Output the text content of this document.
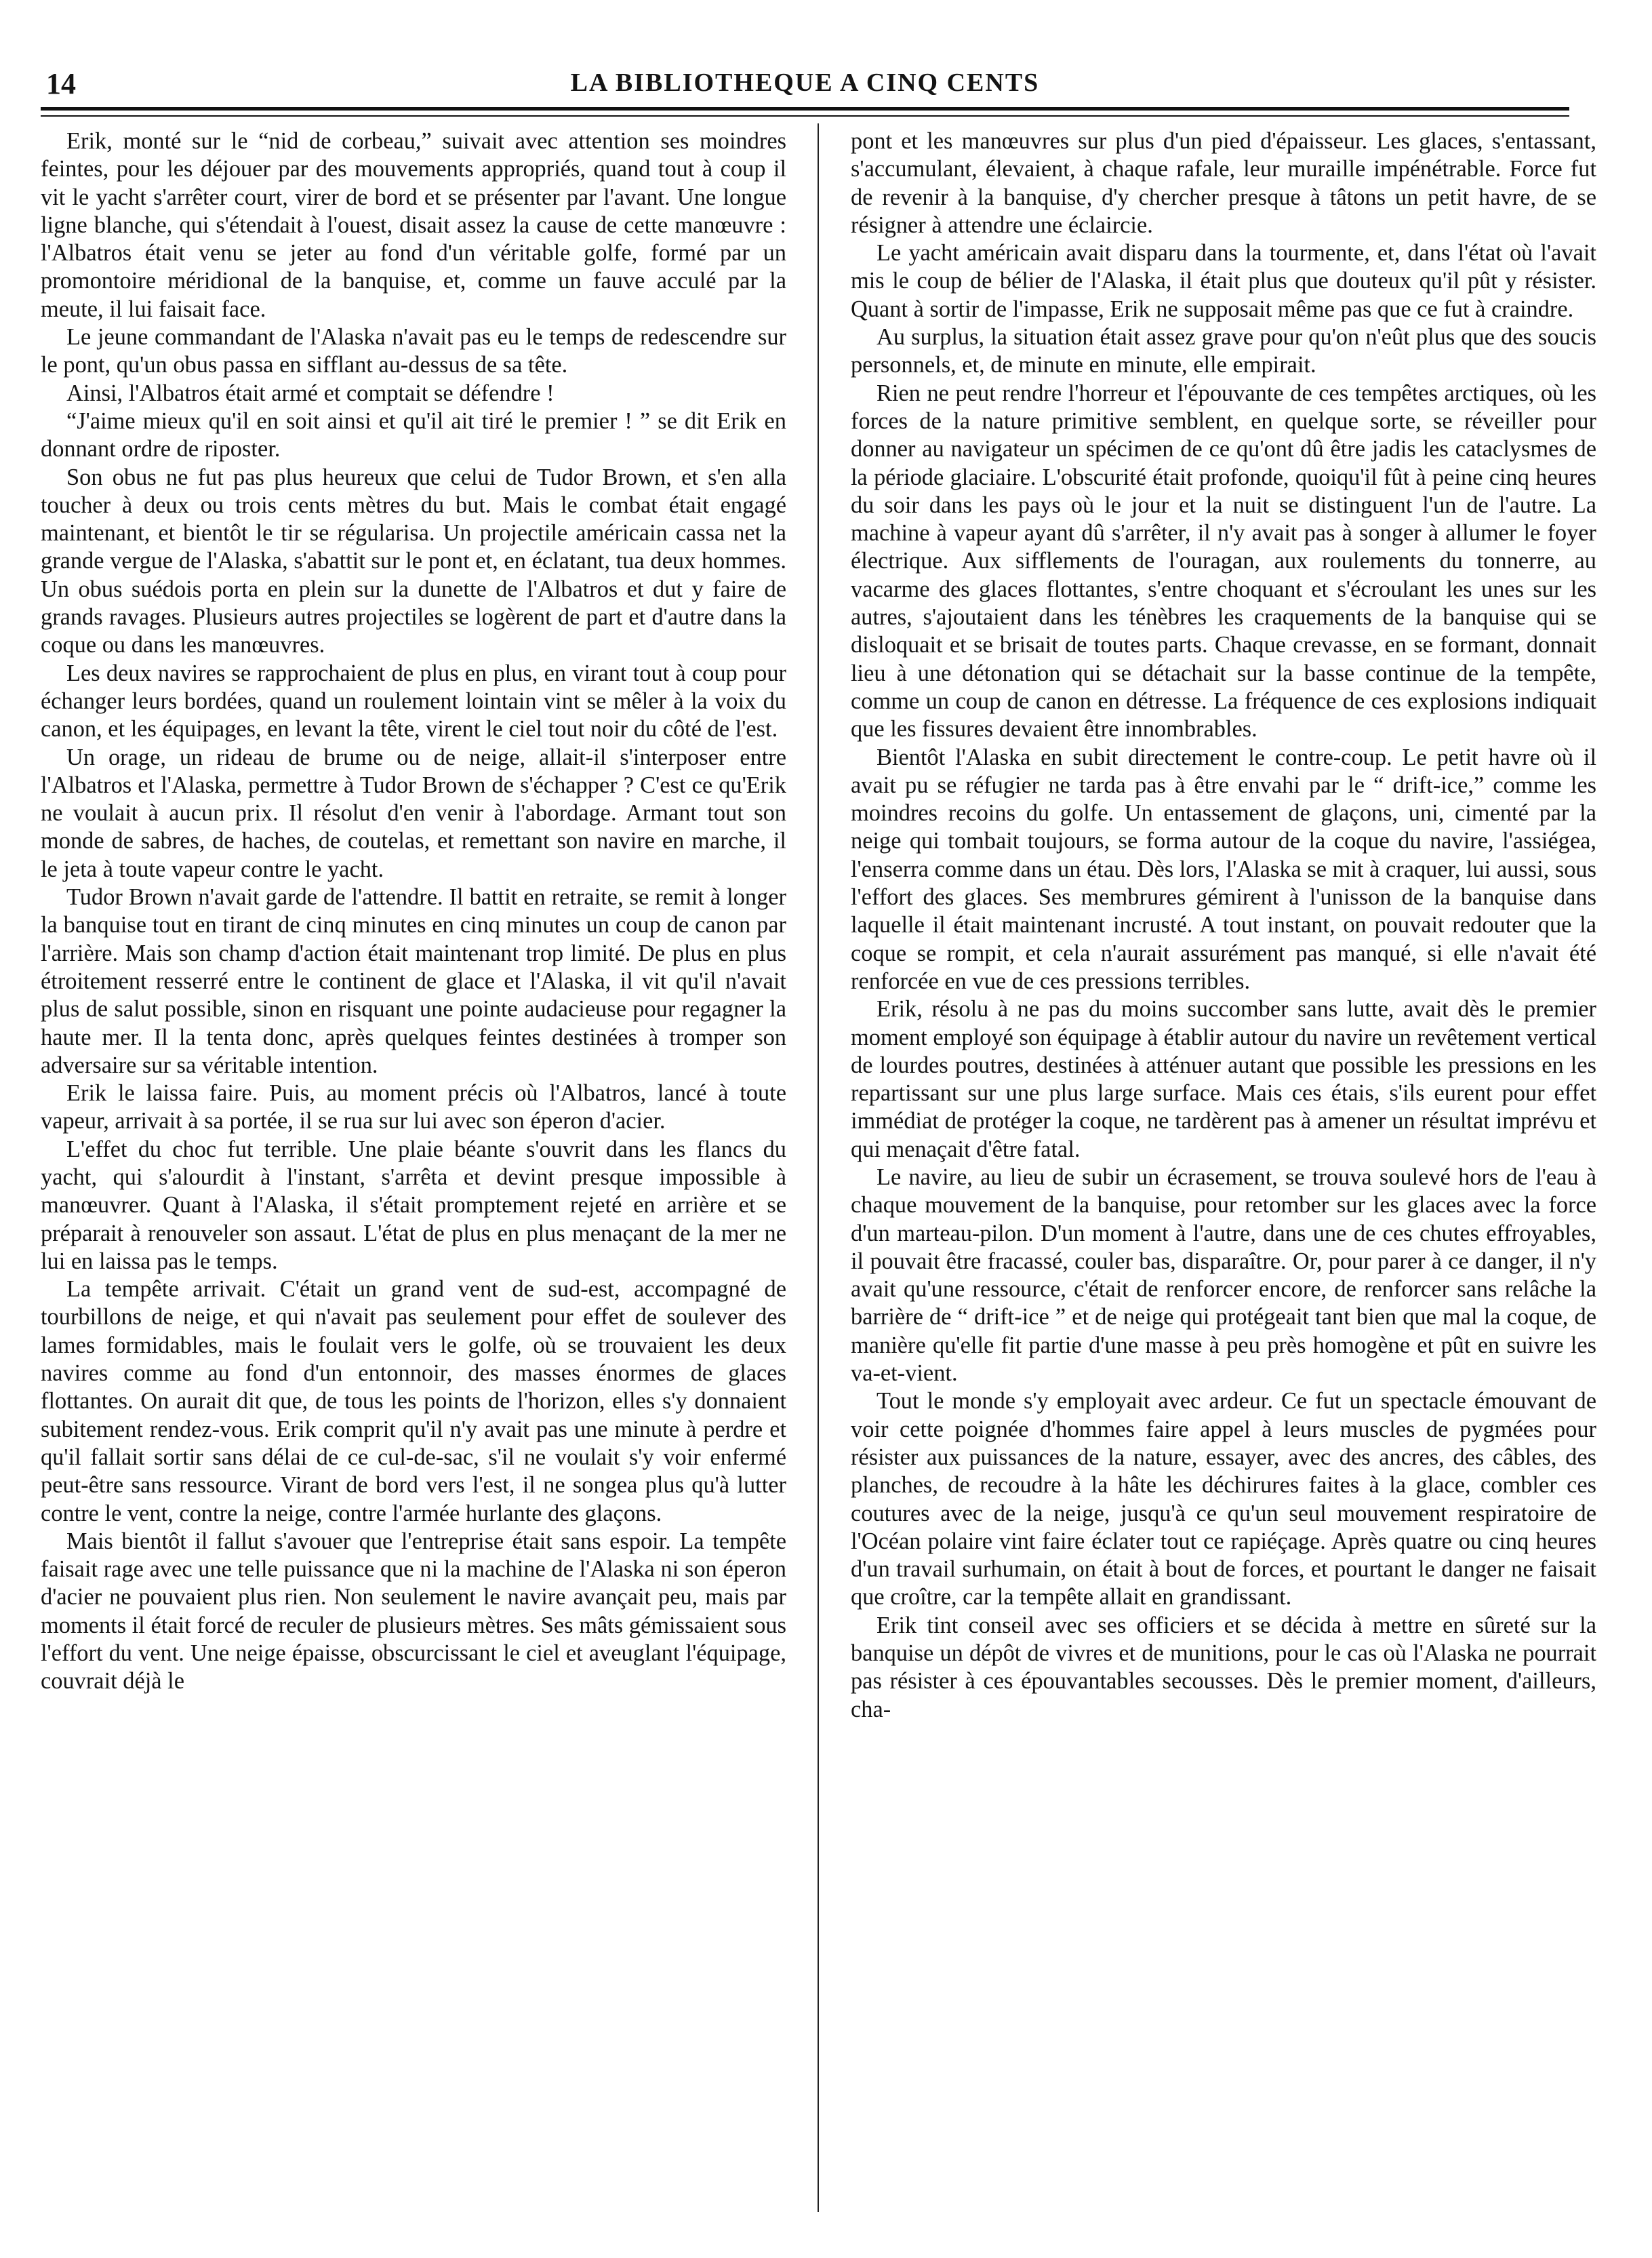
14	LA BIBLIOTHEQUE A CINQ CENTS

Erik, monté sur le “nid de corbeau,” suivait avec attention ses moindres feintes, pour les déjouer par des mouvements appropriés, quand tout à coup il vit le yacht s'arrêter court, virer de bord et se présenter par l'avant. Une longue ligne blanche, qui s'étendait à l'ouest, disait assez la cause de cette manœuvre : l'Albatros était venu se jeter au fond d'un véritable golfe, formé par un promontoire méridional de la banquise, et, comme un fauve acculé par la meute, il lui faisait face.

Le jeune commandant de l'Alaska n'avait pas eu le temps de redescendre sur le pont, qu'un obus passa en sifflant au-dessus de sa tête.

Ainsi, l'Albatros était armé et comptait se défendre !

“J'aime mieux qu'il en soit ainsi et qu'il ait tiré le premier ! ” se dit Erik en donnant ordre de riposter.

Son obus ne fut pas plus heureux que celui de Tudor Brown, et s'en alla toucher à deux ou trois cents mètres du but. Mais le combat était engagé maintenant, et bientôt le tir se régularisa. Un projectile américain cassa net la grande vergue de l'Alaska, s'abattit sur le pont et, en éclatant, tua deux hommes. Un obus suédois porta en plein sur la dunette de l'Albatros et dut y faire de grands ravages. Plusieurs autres projectiles se logèrent de part et d'autre dans la coque ou dans les manœuvres.

Les deux navires se rapprochaient de plus en plus, en virant tout à coup pour échanger leurs bordées, quand un roulement lointain vint se mêler à la voix du canon, et les équipages, en levant la tête, virent le ciel tout noir du côté de l'est.

Un orage, un rideau de brume ou de neige, allait-il s'interposer entre l'Albatros et l'Alaska, permettre à Tudor Brown de s'échapper ? C'est ce qu'Erik ne voulait à aucun prix. Il résolut d'en venir à l'abordage. Armant tout son monde de sabres, de haches, de coutelas, et remettant son navire en marche, il le jeta à toute vapeur contre le yacht.

Tudor Brown n'avait garde de l'attendre. Il battit en retraite, se remit à longer la banquise tout en tirant de cinq minutes en cinq minutes un coup de canon par l'arrière. Mais son champ d'action était maintenant trop limité. De plus en plus étroitement resserré entre le continent de glace et l'Alaska, il vit qu'il n'avait plus de salut possible, sinon en risquant une pointe audacieuse pour regagner la haute mer. Il la tenta donc, après quelques feintes destinées à tromper son adversaire sur sa véritable intention.

Erik le laissa faire. Puis, au moment précis où l'Albatros, lancé à toute vapeur, arrivait à sa portée, il se rua sur lui avec son éperon d'acier.

L'effet du choc fut terrible. Une plaie béante s'ouvrit dans les flancs du yacht, qui s'alourdit à l'instant, s'arrêta et devint presque impossible à manœuvrer. Quant à l'Alaska, il s'était promptement rejeté en arrière et se préparait à renouveler son assaut. L'état de plus en plus menaçant de la mer ne lui en laissa pas le temps.

La tempête arrivait. C'était un grand vent de sud-est, accompagné de tourbillons de neige, et qui n'avait pas seulement pour effet de soulever des lames formidables, mais le foulait vers le golfe, où se trouvaient les deux navires comme au fond d'un entonnoir, des masses énormes de glaces flottantes. On aurait dit que, de tous les points de l'horizon, elles s'y donnaient subitement rendez-vous. Erik comprit qu'il n'y avait pas une minute à perdre et qu'il fallait sortir sans délai de ce cul-de-sac, s'il ne voulait s'y voir enfermé peut-être sans ressource. Virant de bord vers l'est, il ne songea plus qu'à lutter contre le vent, contre la neige, contre l'armée hurlante des glaçons.

Mais bientôt il fallut s'avouer que l'entreprise était sans espoir. La tempête faisait rage avec une telle puissance que ni la machine de l'Alaska ni son éperon d'acier ne pouvaient plus rien. Non seulement le navire avançait peu, mais par moments il était forcé de reculer de plusieurs mètres. Ses mâts gémissaient sous l'effort du vent. Une neige épaisse, obscurcissant le ciel et aveuglant l'équipage, couvrait déjà le

pont et les manœuvres sur plus d'un pied d'épaisseur. Les glaces, s'entassant, s'accumulant, élevaient, à chaque rafale, leur muraille impénétrable. Force fut de revenir à la banquise, d'y chercher presque à tâtons un petit havre, de se résigner à attendre une éclaircie.

Le yacht américain avait disparu dans la tourmente, et, dans l'état où l'avait mis le coup de bélier de l'Alaska, il était plus que douteux qu'il pût y résister. Quant à sortir de l'impasse, Erik ne supposait même pas que ce fut à craindre.

Au surplus, la situation était assez grave pour qu'on n'eût plus que des soucis personnels, et, de minute en minute, elle empirait.

Rien ne peut rendre l'horreur et l'épouvante de ces tempêtes arctiques, où les forces de la nature primitive semblent, en quelque sorte, se réveiller pour donner au navigateur un spécimen de ce qu'ont dû être jadis les cataclysmes de la période glaciaire. L'obscurité était profonde, quoiqu'il fût à peine cinq heures du soir dans les pays où le jour et la nuit se distinguent l'un de l'autre. La machine à vapeur ayant dû s'arrêter, il n'y avait pas à songer à allumer le foyer électrique. Aux sifflements de l'ouragan, aux roulements du tonnerre, au vacarme des glaces flottantes, s'entre choquant et s'écroulant les unes sur les autres, s'ajoutaient dans les ténèbres les craquements de la banquise qui se disloquait et se brisait de toutes parts. Chaque crevasse, en se formant, donnait lieu à une détonation qui se détachait sur la basse continue de la tempête, comme un coup de canon en détresse. La fréquence de ces explosions indiquait que les fissures devaient être innombrables.

Bientôt l'Alaska en subit directement le contre-coup. Le petit havre où il avait pu se réfugier ne tarda pas à être envahi par le “ drift-ice,” comme les moindres recoins du golfe. Un entassement de glaçons, uni, cimenté par la neige qui tombait toujours, se forma autour de la coque du navire, l'assiégea, l'enserra comme dans un étau. Dès lors, l'Alaska se mit à craquer, lui aussi, sous l'effort des glaces. Ses membrures gémirent à l'unisson de la banquise dans laquelle il était maintenant incrusté. A tout instant, on pouvait redouter que la coque se rompit, et cela n'aurait assurément pas manqué, si elle n'avait été renforcée en vue de ces pressions terribles.

Erik, résolu à ne pas du moins succomber sans lutte, avait dès le premier moment employé son équipage à établir autour du navire un revêtement vertical de lourdes poutres, destinées à atténuer autant que possible les pressions en les repartissant sur une plus large surface. Mais ces étais, s'ils eurent pour effet immédiat de protéger la coque, ne tardèrent pas à amener un résultat imprévu et qui menaçait d'être fatal.

Le navire, au lieu de subir un écrasement, se trouva soulevé hors de l'eau à chaque mouvement de la banquise, pour retomber sur les glaces avec la force d'un marteau-pilon. D'un moment à l'autre, dans une de ces chutes effroyables, il pouvait être fracassé, couler bas, disparaître. Or, pour parer à ce danger, il n'y avait qu'une ressource, c'était de renforcer encore, de renforcer sans relâche la barrière de “ drift-ice ” et de neige qui protégeait tant bien que mal la coque, de manière qu'elle fit partie d'une masse à peu près homogène et pût en suivre les va-et-vient.

Tout le monde s'y employait avec ardeur. Ce fut un spectacle émouvant de voir cette poignée d'hommes faire appel à leurs muscles de pygmées pour résister aux puissances de la nature, essayer, avec des ancres, des câbles, des planches, de recoudre à la hâte les déchirures faites à la glace, combler ces coutures avec de la neige, jusqu'à ce qu'un seul mouvement respiratoire de l'Océan polaire vint faire éclater tout ce rapiéçage. Après quatre ou cinq heures d'un travail surhumain, on était à bout de forces, et pourtant le danger ne faisait que croître, car la tempête allait en grandissant.

Erik tint conseil avec ses officiers et se décida à mettre en sûreté sur la banquise un dépôt de vivres et de munitions, pour le cas où l'Alaska ne pourrait pas résister à ces épouvantables secousses. Dès le premier moment, d'ailleurs, cha-
